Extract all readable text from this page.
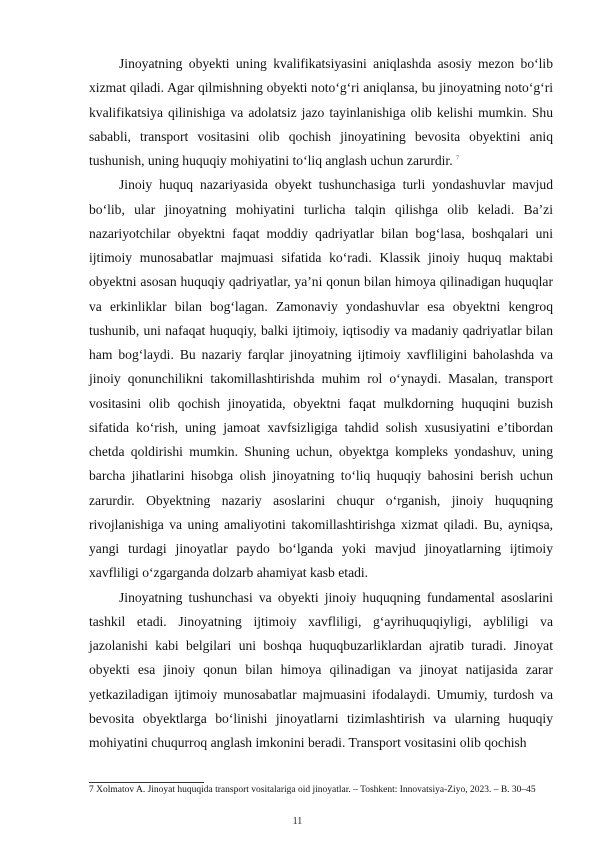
Jinoyatning obyekti uning kvalifikatsiyasini aniqlashda asosiy mezon bo‘lib xizmat qiladi. Agar qilmishning obyekti noto‘g‘ri aniqlansa, bu jinoyatning noto‘g‘ri kvalifikatsiya qilinishiga va adolatsiz jazo tayinlanishiga olib kelishi mumkin. Shu sababli, transport vositasini olib qochish jinoyatining bevosita obyektini aniq tushunish, uning huquqiy mohiyatini to‘liq anglash uchun zarurdir. $^7$

Jinoiy huquq nazariyasida obyekt tushunchasiga turli yondashuvlar mavjud bo‘lib, ular jinoyatning mohiyatini turlicha talqin qilishga olib keladi. Ba’zi nazariyotchilar obyektni faqat moddiy qadriyatlar bilan bog‘lasa, boshqalari uni ijtimoiy munosabatlar majmuasi sifatida ko‘radi. Klassik jinoiy huquq maktabi obyektni asosan huquqiy qadriyatlar, ya’ni qonun bilan himoya qilinadigan huquqlar va erkinliklar bilan bog‘lagan. Zamonaviy yondashuvlar esa obyektni kengroq tushunib, uni nafaqat huquqiy, balki ijtimoiy, iqtisodiy va madaniy qadriyatlar bilan ham bog‘laydi. Bu nazariy farqlar jinoyatning ijtimoiy xavfliligini baholashda va jinoiy qonunchilikni takomillashtirishda muhim rol o‘ynaydi. Masalan, transport vositasini olib qochish jinoyatida, obyektni faqat mulkdorning huquqini buzish sifatida ko‘rish, uning jamoat xavfsizligiga tahdid solish xususiyatini e’tibordan chetda qoldirishi mumkin. Shuning uchun, obyektga kompleks yondashuv, uning barcha jihatlarini hisobga olish jinoyatning to‘liq huquqiy bahosini berish uchun zarurdir. Obyektning nazariy asoslarini chuqur o‘rganish, jinoiy huquqning rivojlanishiga va uning amaliyotini takomillashtirishga xizmat qiladi. Bu, ayniqsa, yangi turdagi jinoyatlar paydo bo‘lganda yoki mavjud jinoyatlarning ijtimoiy xavfliligi o‘zgarganda dolzarb ahamiyat kasb etadi.

Jinoyatning tushunchasi va obyekti jinoiy huquqning fundamental asoslarini tashkil etadi. Jinoyatning ijtimoiy xavfliligi, g‘ayrihuquqiyligi, aybliligi va jazolanishi kabi belgilari uni boshqa huquqbuzarliklardan ajratib turadi. Jinoyat obyekti esa jinoiy qonun bilan himoya qilinadigan va jinoyat natijasida zarar yetkaziladigan ijtimoiy munosabatlar majmuasini ifodalaydi. Umumiy, turdosh va bevosita obyektlarga bo‘linishi jinoyatlarni tizimlashtirish va ularning huquqiy mohiyatini chuqurroq anglash imkonini beradi. Transport vositasini olib qochish

7 Xolmatov A. Jinoyat huquqida transport vositalariga oid jinoyatlar. – Toshkent: Innovatsiya-Ziyo, 2023. – B. 30–45

11
